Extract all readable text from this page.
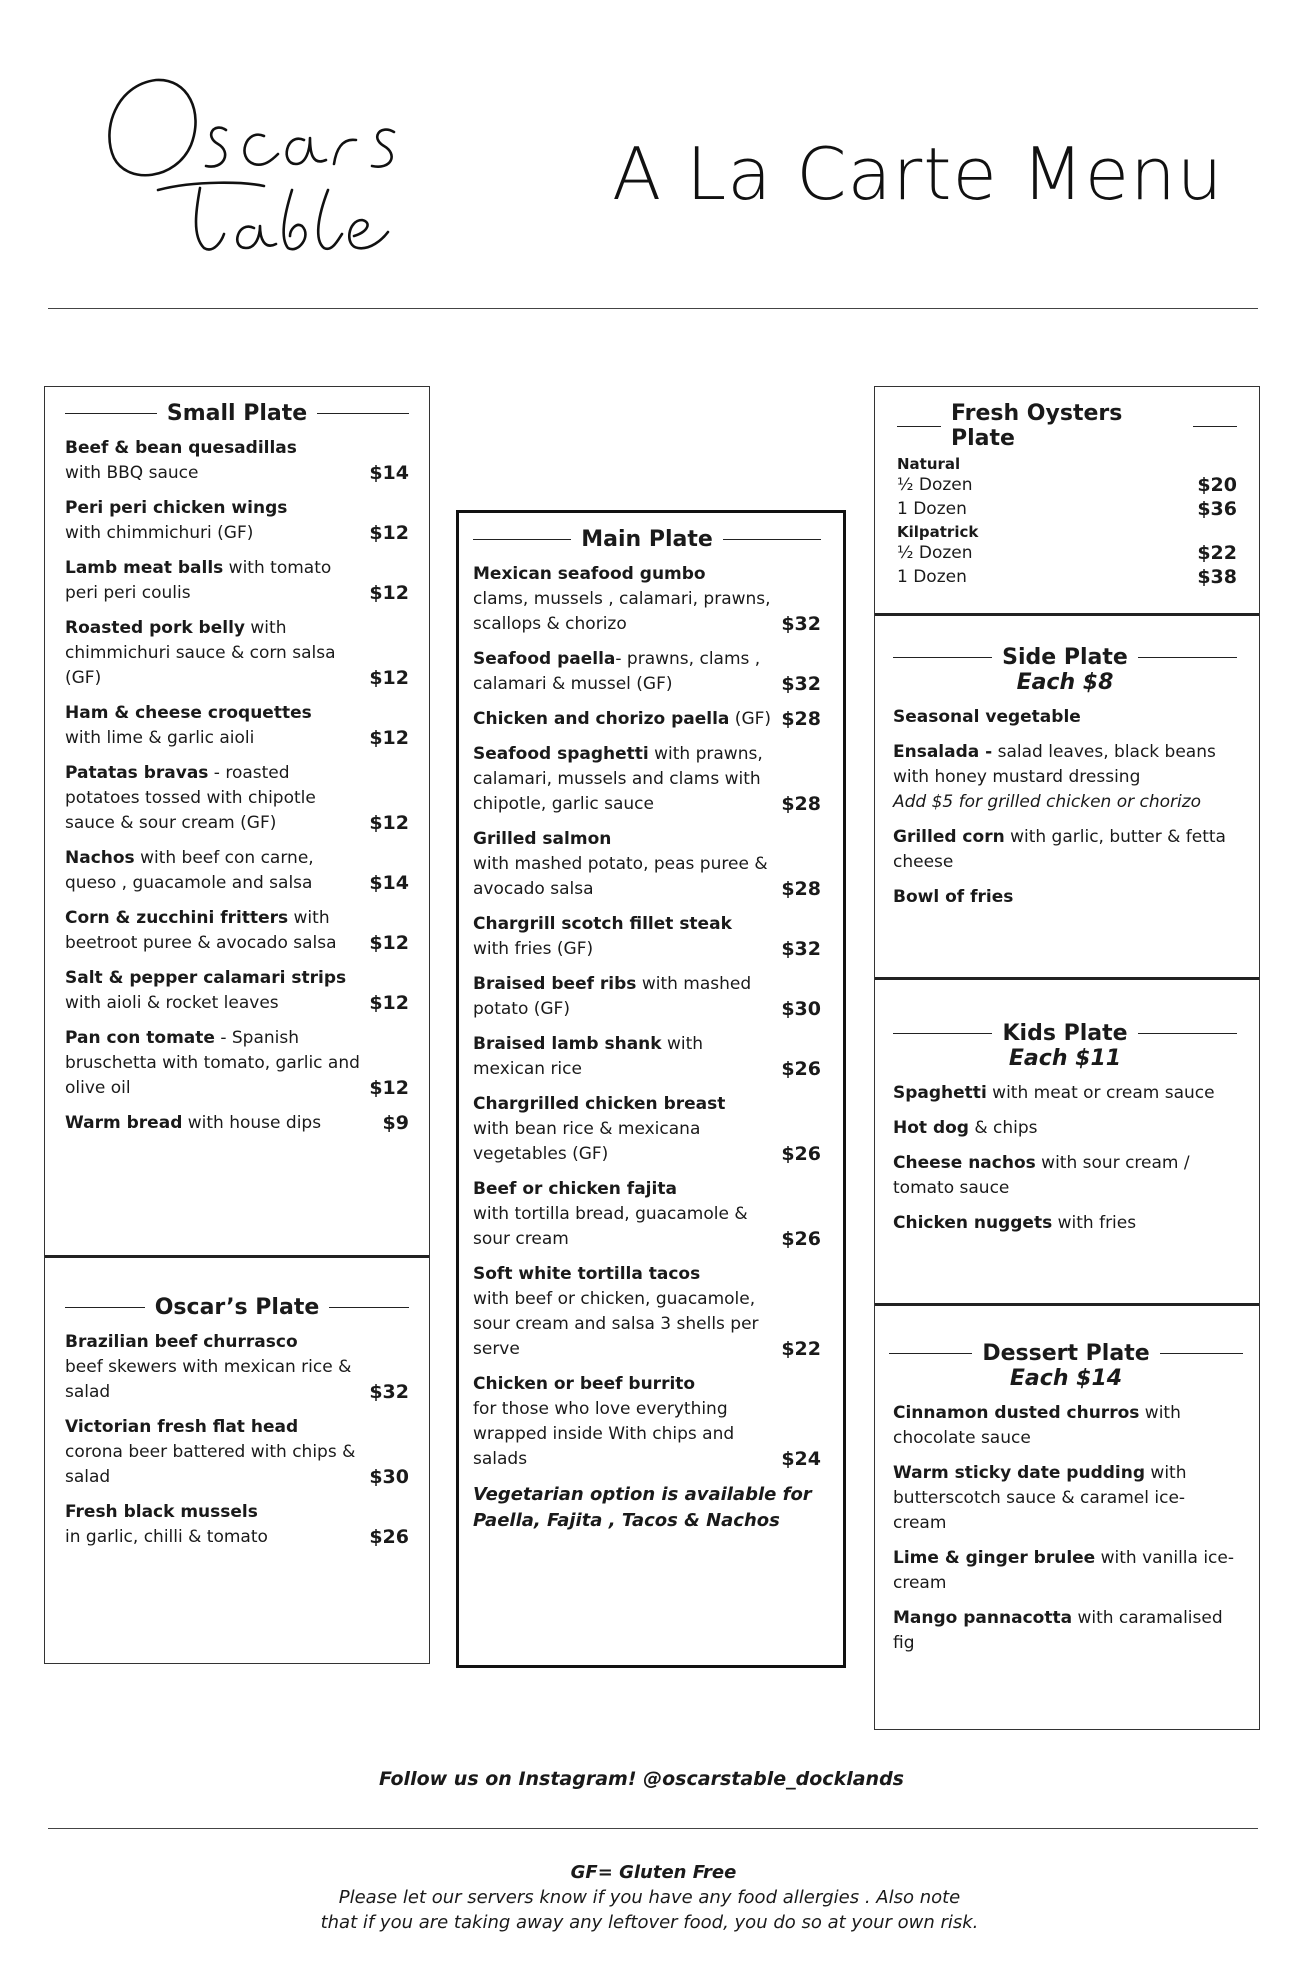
A La Carte Menu
Small Plate
Beef & bean quesadillas
with BBQ sauce	$14
Peri peri chicken wings
with chimmichuri (GF)	$12
Lamb meat balls with tomato peri peri coulis	$12
Roasted pork belly with chimmichuri sauce & corn salsa (GF)	$12
Ham & cheese croquettes
with lime & garlic aioli	$12
Patatas bravas - roasted potatoes tossed with chipotle sauce & sour cream (GF)	$12
Nachos with beef con carne, queso , guacamole and salsa	$14
Corn & zucchini fritters with beetroot puree & avocado salsa	$12
Salt & pepper calamari strips
with aioli & rocket leaves	$12
Pan con tomate - Spanish bruschetta with tomato, garlic and olive oil	$12
Warm bread with house dips	$9
Oscar’s Plate
Brazilian beef churrasco
beef skewers with mexican rice & salad	$32
Victorian fresh flat head
corona beer battered with chips & salad	$30
Fresh black mussels
in garlic, chilli & tomato	$26
Main Plate
Mexican seafood gumbo
clams, mussels , calamari, prawns, scallops & chorizo	$32
Seafood paella- prawns, clams , calamari & mussel (GF)	$32
Chicken and chorizo paella (GF) $28
Seafood spaghetti with prawns, calamari, mussels and clams with chipotle, garlic sauce	$28
Grilled salmon
with mashed potato, peas puree & avocado salsa	$28
Chargrill scotch fillet steak
with fries (GF)	$32
Braised beef ribs with mashed potato (GF)	$30
Braised lamb shank with mexican rice	$26
Chargrilled chicken breast
with bean rice & mexicana vegetables (GF)	$26
Beef or chicken fajita
with tortilla bread, guacamole & sour cream	$26
Soft white tortilla tacos
with beef or chicken, guacamole, sour cream and salsa 3 shells per serve	$22
Chicken or beef burrito
for those who love everything wrapped inside With chips and salads	$24
Vegetarian option is available for Paella, Fajita , Tacos & Nachos
Fresh Oysters Plate
Natural
½ Dozen	$20
1 Dozen	$36
Kilpatrick
½ Dozen	$22
1 Dozen	$38
Side Plate
Each $8
Seasonal vegetable
Ensalada - salad leaves, black beans with honey mustard dressing
Add $5 for grilled chicken or chorizo
Grilled corn with garlic, butter & fetta cheese
Bowl of fries
Kids Plate
Each $11
Spaghetti with meat or cream sauce
Hot dog & chips
Cheese nachos with sour cream / tomato sauce
Chicken nuggets with fries
Dessert Plate
Each $14
Cinnamon dusted churros with chocolate sauce
Warm sticky date pudding with butterscotch sauce & caramel ice-cream
Lime & ginger brulee with vanilla ice-cream
Mango pannacotta with caramalised fig
Follow us on Instagram! @oscarstable_docklands
GF= Gluten Free
Please let our servers know if you have any food allergies . Also note
that if you are taking away any leftover food, you do so at your own risk.
